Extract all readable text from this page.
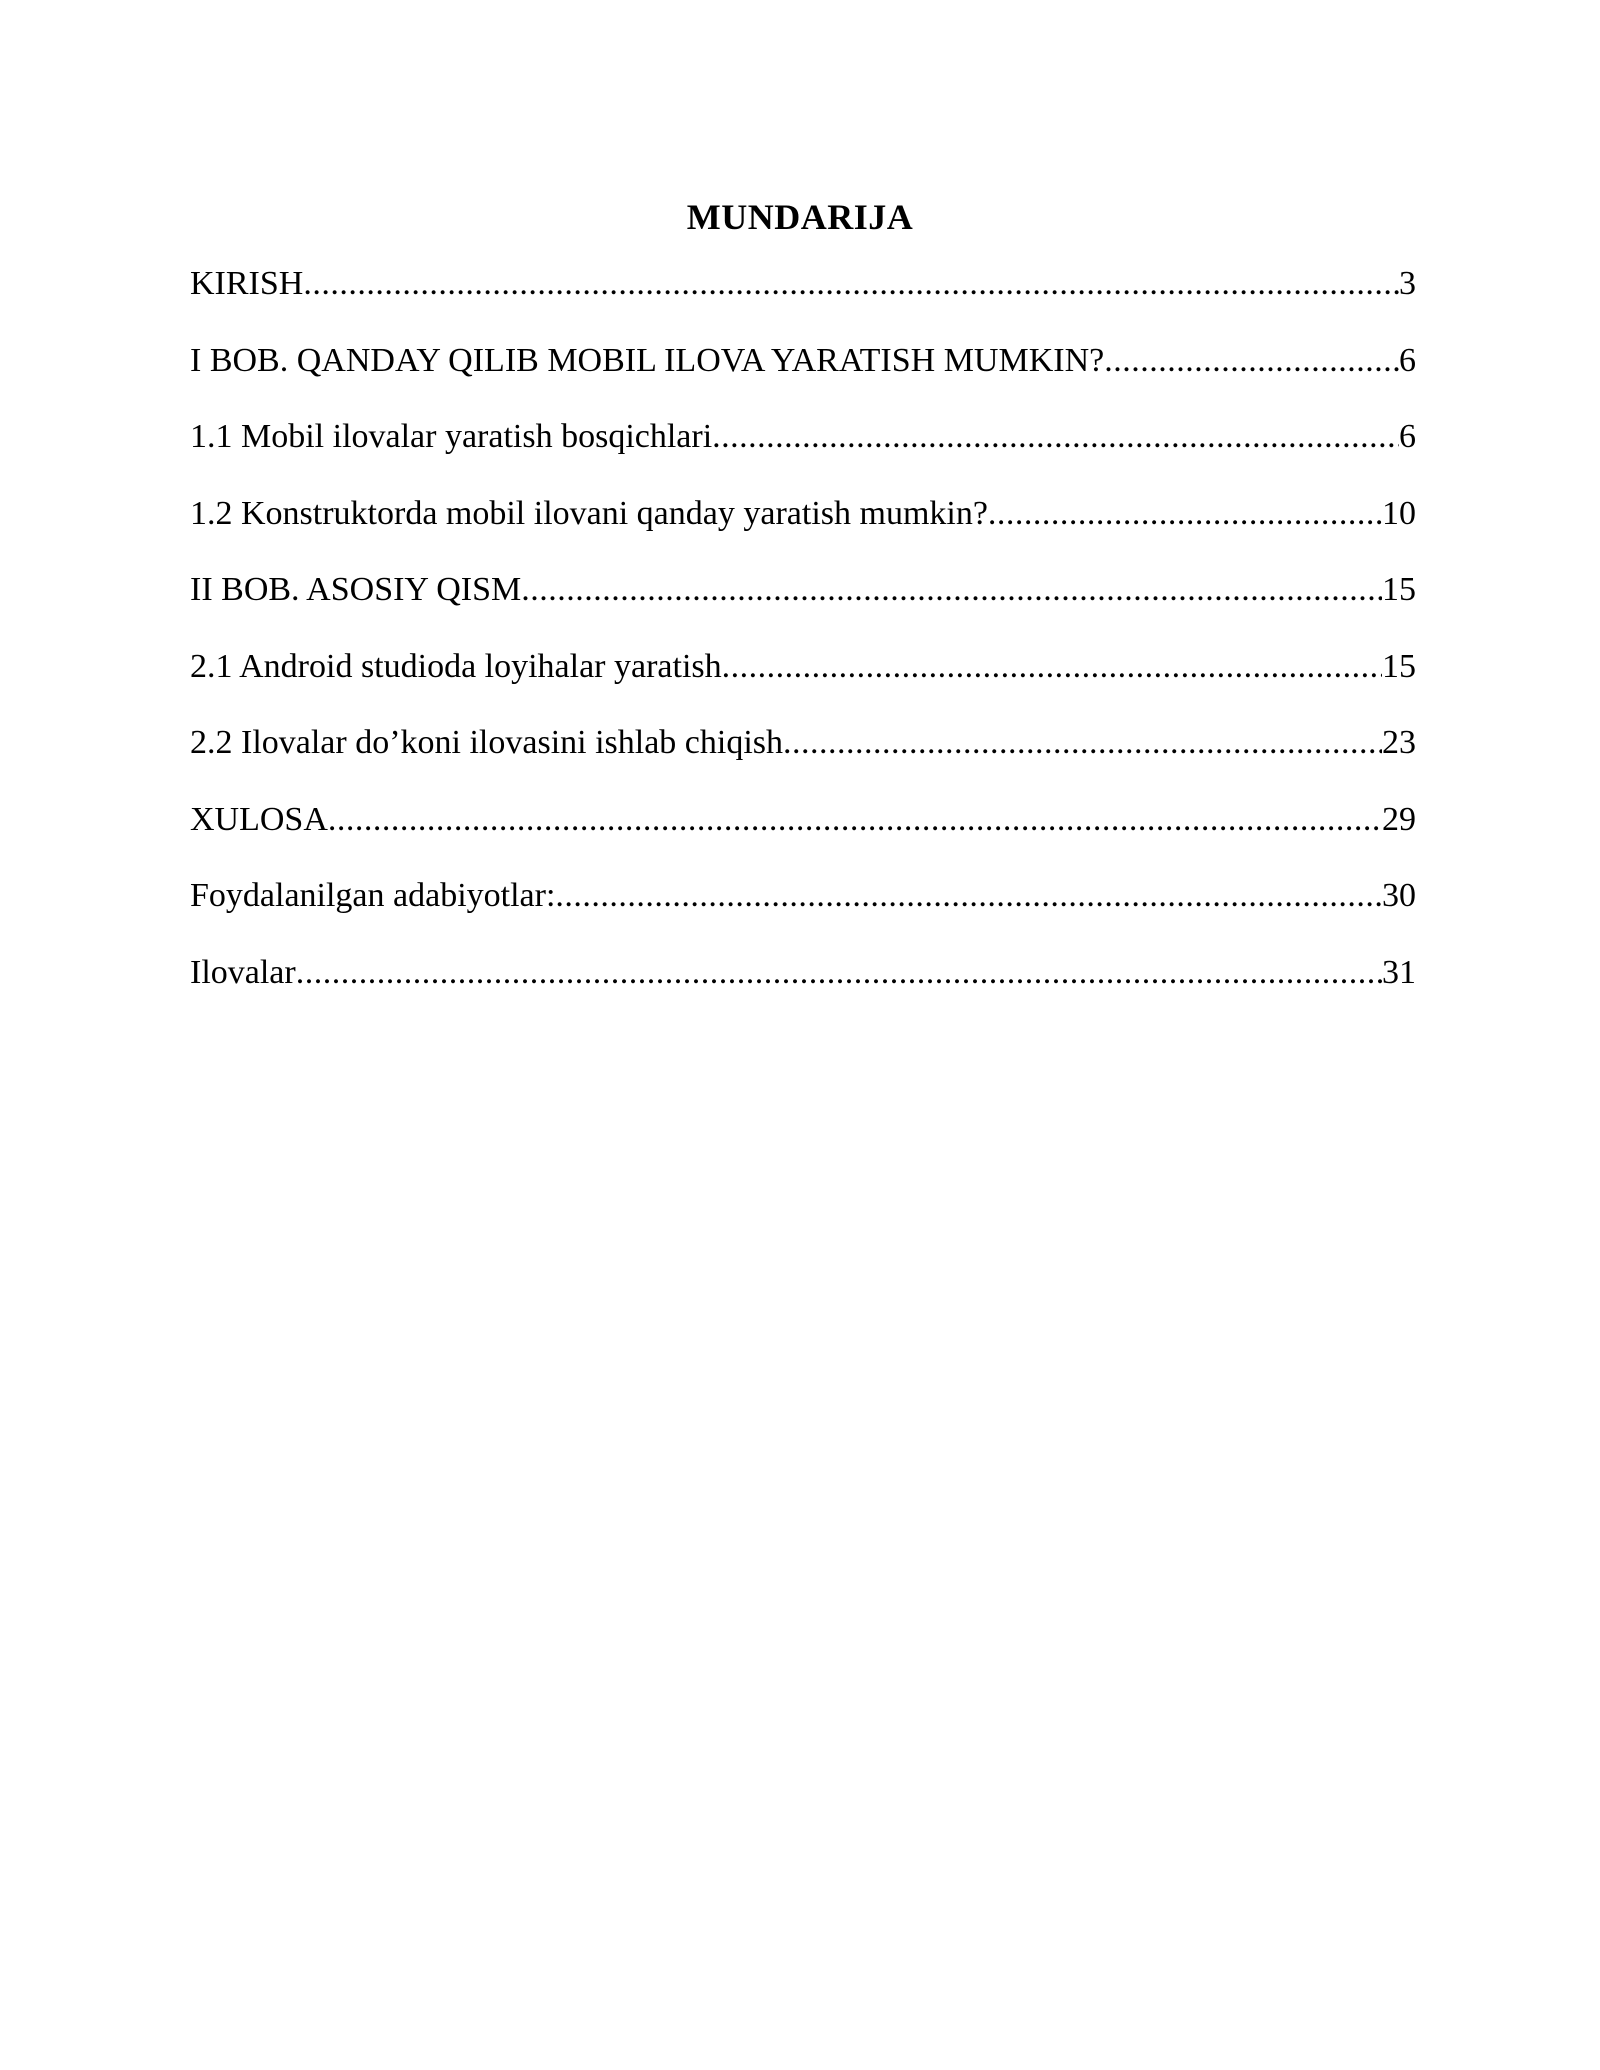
MUNDARIJA
KIRISH .....	3
I BOB. QANDAY QILIB MOBIL ILOVA YARATISH MUMKIN? .....	6
1.1 Mobil ilovalar yaratish bosqichlari .....	6
1.2 Konstruktorda mobil ilovani qanday yaratish mumkin? .....	10
II BOB. ASOSIY QISM .....	15
2.1 Android studioda loyihalar yaratish .....	15
2.2 Ilovalar do’koni ilovasini ishlab chiqish .....	23
XULOSA .....	29
Foydalanilgan adabiyotlar: .....	30
Ilovalar .....	31
